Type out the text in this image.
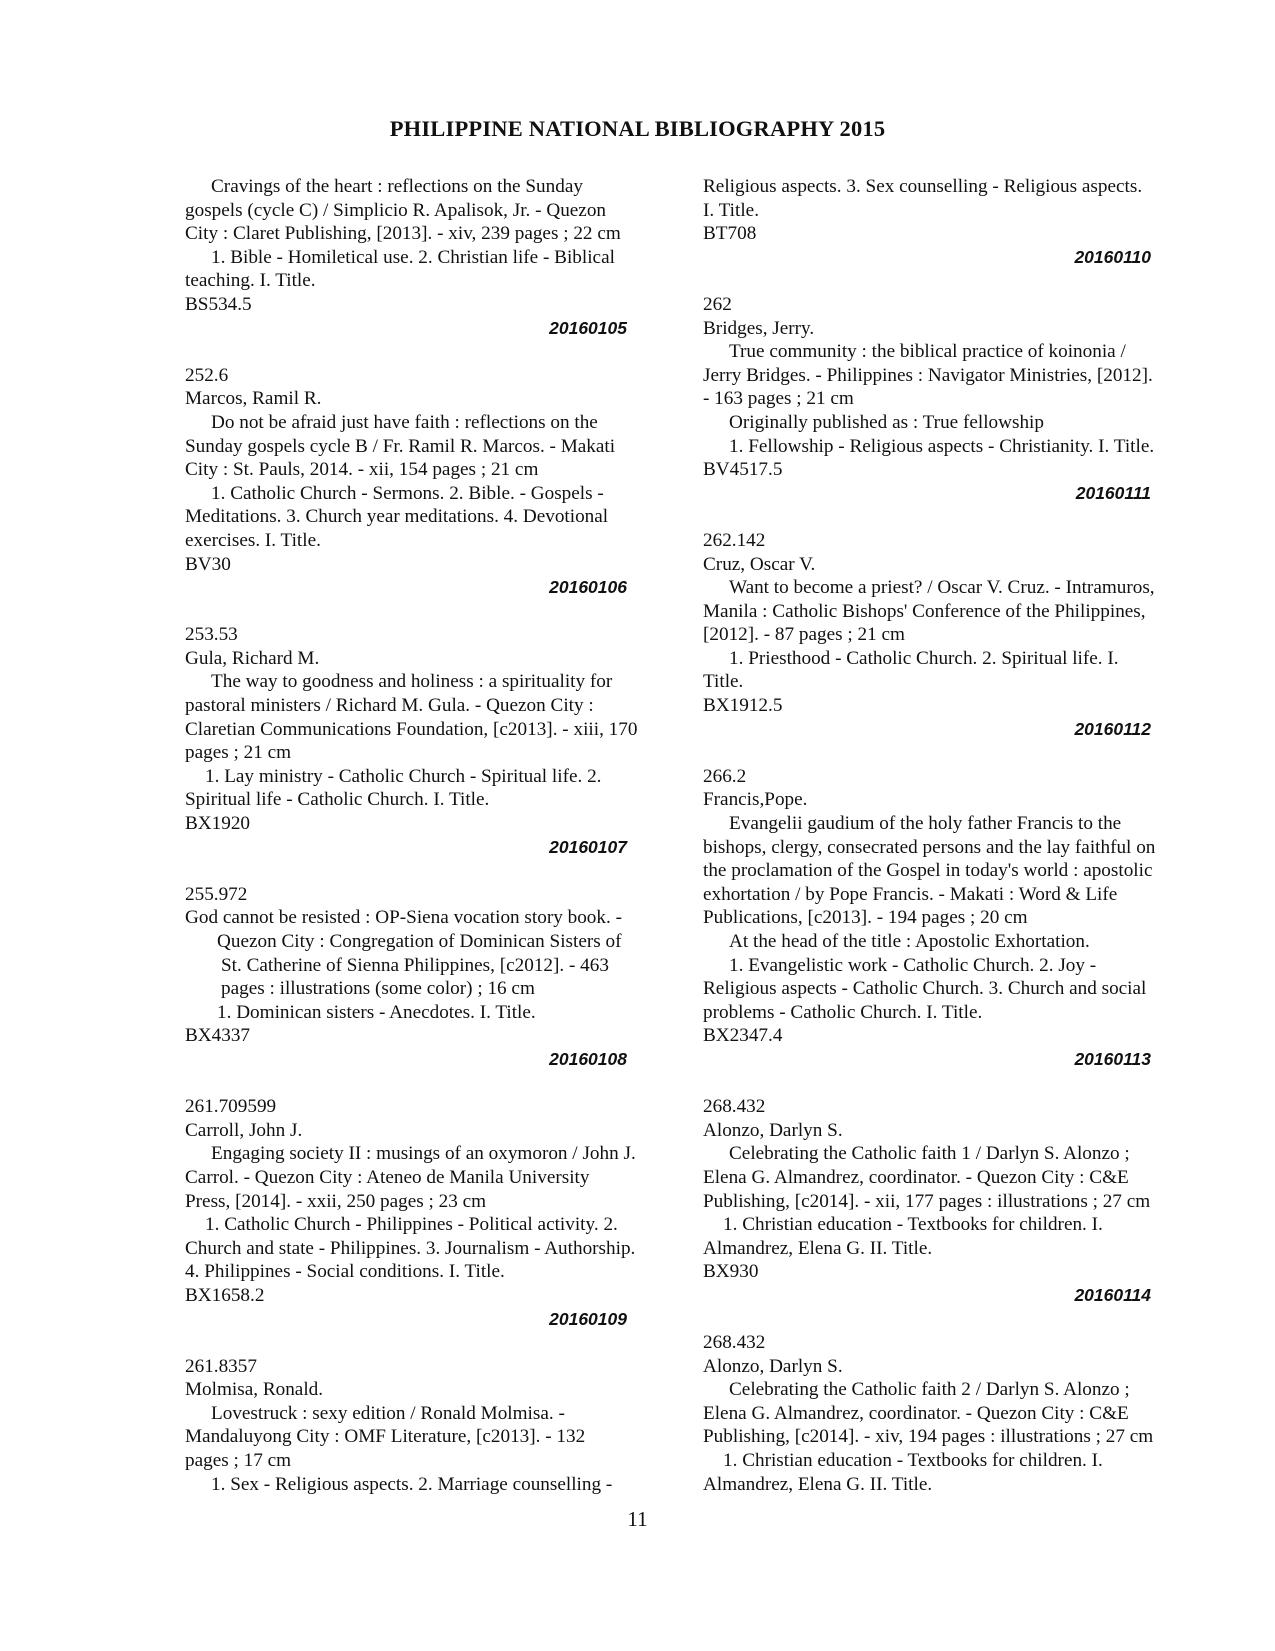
PHILIPPINE NATIONAL BIBLIOGRAPHY 2015
Cravings of the heart : reflections on the Sunday
gospels (cycle C) / Simplicio R. Apalisok, Jr. - Quezon
City : Claret Publishing, [2013]. - xiv, 239 pages ; 22 cm
1. Bible - Homiletical use. 2. Christian life - Biblical
teaching. I. Title.
BS534.5
20160105
252.6
Marcos, Ramil R.
Do not be afraid just have faith : reflections on the
Sunday gospels cycle B / Fr. Ramil R. Marcos. - Makati
City : St. Pauls, 2014. - xii, 154 pages ; 21 cm
1. Catholic Church - Sermons. 2. Bible. - Gospels -
Meditations. 3. Church year meditations. 4. Devotional
exercises. I. Title.
BV30
20160106
253.53
Gula, Richard M.
The way to goodness and holiness : a spirituality for
pastoral ministers / Richard M. Gula. - Quezon City :
Claretian Communications Foundation, [c2013]. - xiii, 170
pages ; 21 cm
1. Lay ministry - Catholic Church - Spiritual life. 2.
Spiritual life - Catholic Church. I. Title.
BX1920
20160107
255.972
God cannot be resisted : OP-Siena vocation story book. -
Quezon City : Congregation of Dominican Sisters of
St. Catherine of Sienna Philippines, [c2012]. - 463
pages : illustrations (some color) ; 16 cm
1. Dominican sisters - Anecdotes. I. Title.
BX4337
20160108
261.709599
Carroll, John J.
Engaging society II : musings of an oxymoron / John J.
Carrol. - Quezon City : Ateneo de Manila University
Press, [2014]. - xxii, 250 pages ; 23 cm
1. Catholic Church - Philippines - Political activity. 2.
Church and state - Philippines. 3. Journalism - Authorship.
4. Philippines - Social conditions. I. Title.
BX1658.2
20160109
261.8357
Molmisa, Ronald.
Lovestruck : sexy edition / Ronald Molmisa. -
Mandaluyong City : OMF Literature, [c2013]. - 132
pages ; 17 cm
1. Sex - Religious aspects. 2. Marriage counselling -
Religious aspects. 3. Sex counselling - Religious aspects.
I. Title.
BT708
20160110
262
Bridges, Jerry.
True community : the biblical practice of koinonia /
Jerry Bridges. - Philippines : Navigator Ministries, [2012].
- 163 pages ; 21 cm
Originally published as : True fellowship
1. Fellowship - Religious aspects - Christianity. I. Title.
BV4517.5
20160111
262.142
Cruz, Oscar V.
Want to become a priest? / Oscar V. Cruz. - Intramuros,
Manila : Catholic Bishops' Conference of the Philippines,
[2012]. - 87 pages ; 21 cm
1. Priesthood - Catholic Church. 2. Spiritual life. I.
Title.
BX1912.5
20160112
266.2
Francis,Pope.
Evangelii gaudium of the holy father Francis to the
bishops, clergy, consecrated persons and the lay faithful on
the proclamation of the Gospel in today's world : apostolic
exhortation / by Pope Francis. - Makati : Word & Life
Publications, [c2013]. - 194 pages ; 20 cm
At the head of the title : Apostolic Exhortation.
1. Evangelistic work - Catholic Church. 2. Joy -
Religious aspects - Catholic Church. 3. Church and social
problems - Catholic Church. I. Title.
BX2347.4
20160113
268.432
Alonzo, Darlyn S.
Celebrating the Catholic faith 1 / Darlyn S. Alonzo ;
Elena G. Almandrez, coordinator. - Quezon City : C&E
Publishing, [c2014]. - xii, 177 pages : illustrations ; 27 cm
1. Christian education - Textbooks for children. I.
Almandrez, Elena G. II. Title.
BX930
20160114
268.432
Alonzo, Darlyn S.
Celebrating the Catholic faith 2 / Darlyn S. Alonzo ;
Elena G. Almandrez, coordinator. - Quezon City : C&E
Publishing, [c2014]. - xiv, 194 pages : illustrations ; 27 cm
1. Christian education - Textbooks for children. I.
Almandrez, Elena G. II. Title.
11
